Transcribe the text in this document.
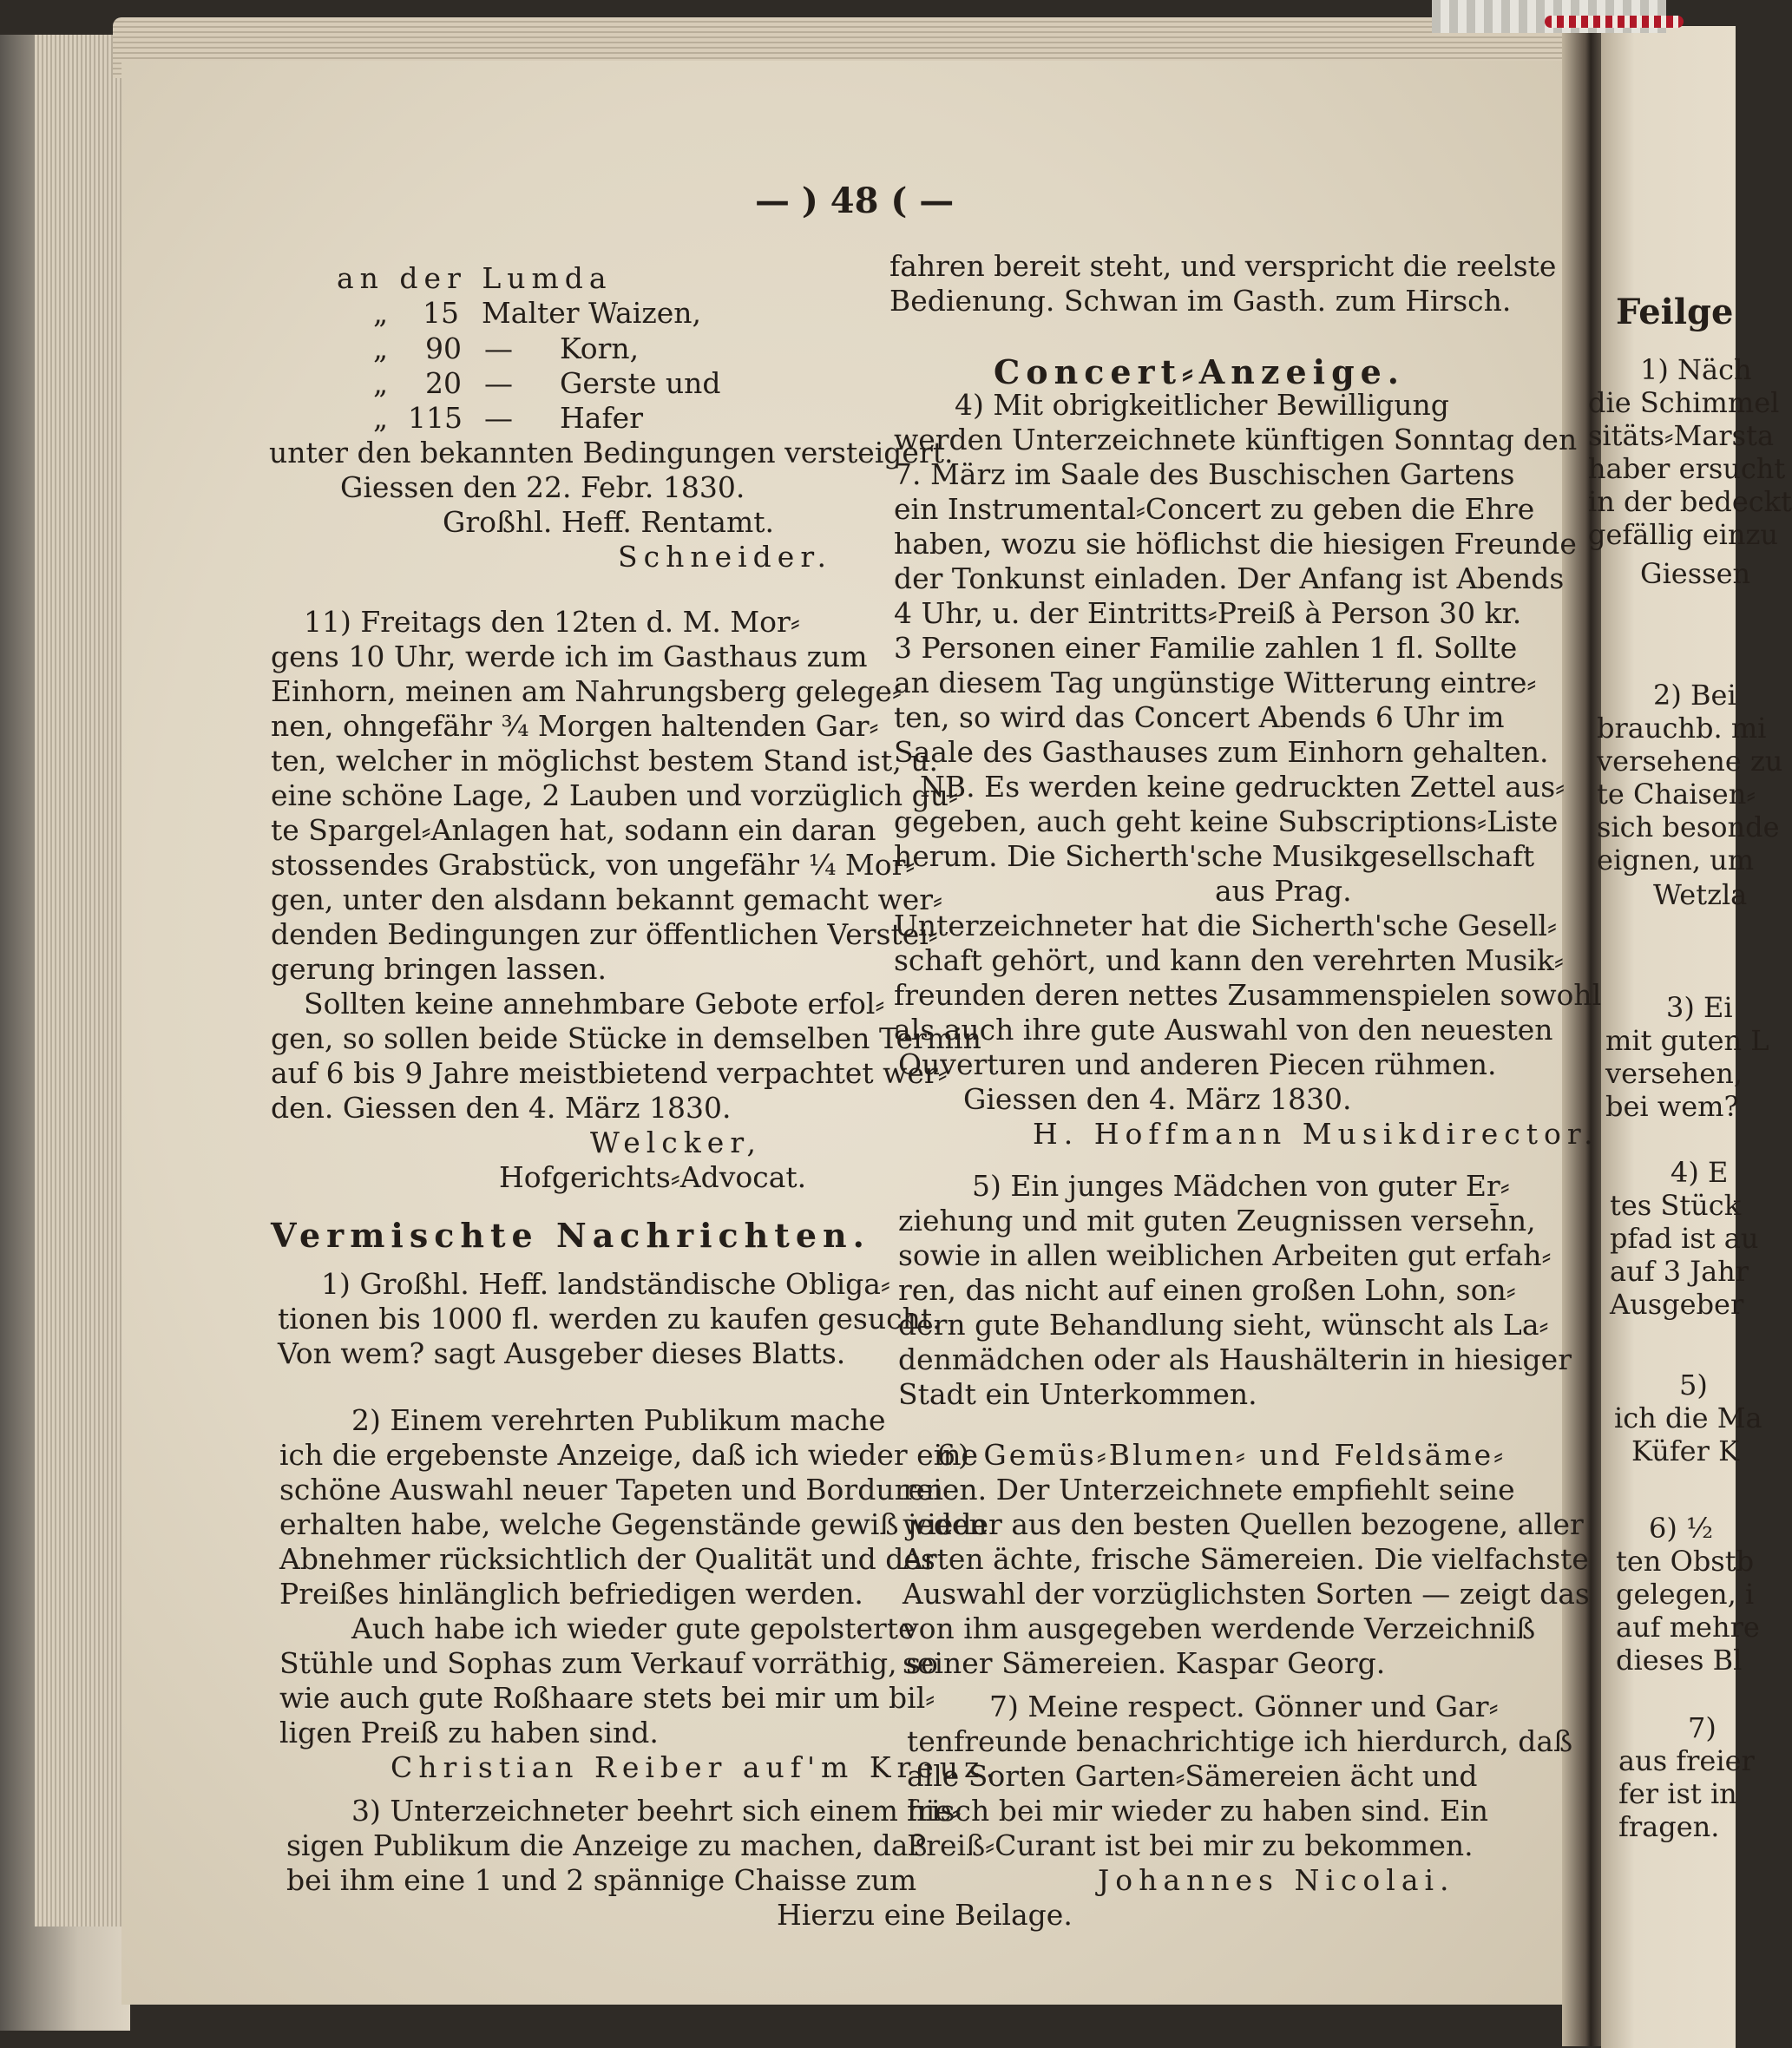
— ) 48 ( —
an der Lumda
„ 15 Malter Waizen,
„ 90 — Korn,
„ 20 — Gerste und
„ 115 — Hafer
unter den bekannten Bedingungen versteigert.
Giessen den 22. Febr. 1830.
Großhl. Heff. Rentamt.
Schneider.
11) Freitags den 12ten d. M. Mor⸗
gens 10 Uhr, werde ich im Gasthaus zum
Einhorn, meinen am Nahrungsberg gelege⸗
nen, ohngefähr ³⁄₄ Morgen haltenden Gar⸗
ten, welcher in möglichst bestem Stand ist, u.
eine schöne Lage, 2 Lauben und vorzüglich gu⸗
te Spargel⸗Anlagen hat, sodann ein daran
stossendes Grabstück, von ungefähr ¹⁄₄ Mor⸗
gen, unter den alsdann bekannt gemacht wer⸗
denden Bedingungen zur öffentlichen Verstei⸗
gerung bringen lassen.
Sollten keine annehmbare Gebote erfol⸗
gen, so sollen beide Stücke in demselben Termin
auf 6 bis 9 Jahre meistbietend verpachtet wer⸗
den. Giessen den 4. März 1830.
Welcker,
Hofgerichts⸗Advocat.
Vermischte Nachrichten.
1) Großhl. Heff. landständische Obliga⸗
tionen bis 1000 fl. werden zu kaufen gesucht.
Von wem? sagt Ausgeber dieses Blatts.
2) Einem verehrten Publikum mache
ich die ergebenste Anzeige, daß ich wieder eine
schöne Auswahl neuer Tapeten und Borduren
erhalten habe, welche Gegenstände gewiß jeden
Abnehmer rücksichtlich der Qualität und des
Preißes hinlänglich befriedigen werden.
Auch habe ich wieder gute gepolsterte
Stühle und Sophas zum Verkauf vorräthig, so
wie auch gute Roßhaare stets bei mir um bil⸗
ligen Preiß zu haben sind.
Christian Reiber auf'm Kreuz.
3) Unterzeichneter beehrt sich einem hie⸗
sigen Publikum die Anzeige zu machen, daß
bei ihm eine 1 und 2 spännige Chaisse zum
fahren bereit steht, und verspricht die reelste
Bedienung. Schwan im Gasth. zum Hirsch.
Concert⸗Anzeige.
4) Mit obrigkeitlicher Bewilligung
werden Unterzeichnete künftigen Sonntag den
7. März im Saale des Buschischen Gartens
ein Instrumental⸗Concert zu geben die Ehre
haben, wozu sie höflichst die hiesigen Freunde
der Tonkunst einladen. Der Anfang ist Abends
4 Uhr, u. der Eintritts⸗Preiß à Person 30 kr.
3 Personen einer Familie zahlen 1 fl. Sollte
an diesem Tag ungünstige Witterung eintre⸗
ten, so wird das Concert Abends 6 Uhr im
Saale des Gasthauses zum Einhorn gehalten.
NB. Es werden keine gedruckten Zettel aus⸗
gegeben, auch geht keine Subscriptions⸗Liste
herum. Die Sicherth'sche Musikgesellschaft
aus Prag.
Unterzeichneter hat die Sicherth'sche Gesell⸗
schaft gehört, und kann den verehrten Musik⸗
freunden deren nettes Zusammenspielen sowohl
als auch ihre gute Auswahl von den neuesten
Ouverturen und anderen Piecen rühmen.
Giessen den 4. März 1830.
H. Hoffmann Musikdirector.
5) Ein junges Mädchen von guter Er⸗
ziehung und mit guten Zeugnissen verseh̄n,
sowie in allen weiblichen Arbeiten gut erfah⸗
ren, das nicht auf einen großen Lohn, son⸗
dern gute Behandlung sieht, wünscht als La⸗
denmädchen oder als Haushälterin in hiesiger
Stadt ein Unterkommen.
6) Gemüs⸗Blumen⸗ und Feldsäme⸗
reien. Der Unterzeichnete empfiehlt seine
wieder aus den besten Quellen bezogene, aller
Arten ächte, frische Sämereien. Die vielfachste
Auswahl der vorzüglichsten Sorten — zeigt das
von ihm ausgegeben werdende Verzeichniß
seiner Sämereien. Kaspar Georg.
7) Meine respect. Gönner und Gar⸗
tenfreunde benachrichtige ich hierdurch, daß
alle Sorten Garten⸗Sämereien ächt und
frisch bei mir wieder zu haben sind. Ein
Preiß⸗Curant ist bei mir zu bekommen.
Johannes Nicolai.
Hierzu eine Beilage.
Feilge
1) Näch
die Schimmel
sitäts⸗Marsta
haber ersucht
in der bedeckt
gefällig einzu
Giessen
2) Bei
brauchb. mi
versehene zu
te Chaisen⸗
sich besonde
eignen, um
Wetzla
3) Ei
mit guten L
versehen,
bei wem?
4) E
tes Stück
pfad ist au
auf 3 Jahr
Ausgeber
5)
ich die Ma
Küfer K
6) ¹⁄₂
ten Obstb
gelegen, i
auf mehre
dieses Bl
7)
aus freier
fer ist in
fragen.
